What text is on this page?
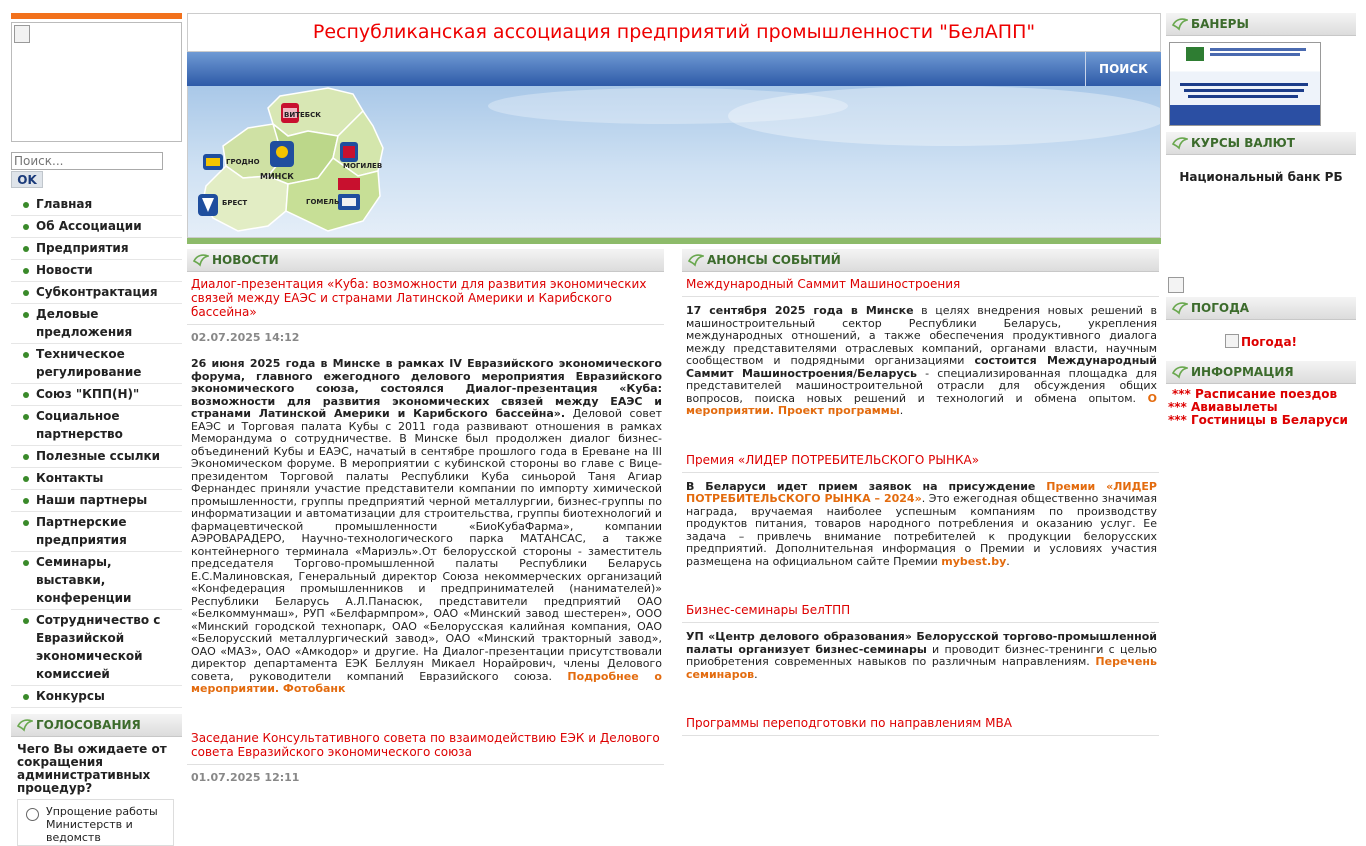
Поиск...
OK
Главная
Об Ассоциации
Предприятия
Новости
Субконтрактация
Деловые предложения
Техническое регулирование
Союз "КПП(Н)"
Социальное партнерство
Полезные ссылки
Контакты
Наши партнеры
Партнерские предприятия
Семинары, выставки, конференции
Сотрудничество с Евразийской экономической комиссией
Конкурсы
ГОЛОСОВАНИЯ
Чего Вы ожидаете от сокращения административных процедур?
Упрощение работы Министерств и ведомств
Республиканская ассоциация предприятий промышленности "БелАПП"
ПОИСК
ВИТЕБСК
ГРОДНО
МИНСК
МОГИЛЕВ
БРЕСТ	ГОМЕЛЬ
НОВОСТИ
Диалог-презентация «Куба: возможности для развития экономических связей между ЕАЭС и странами Латинской Америки и Карибского бассейна»
02.07.2025 14:12
26 июня 2025 года в Минске в рамках IV Евразийского экономического форума, главного ежегодного делового мероприятия Евразийского экономического союза, состоялся Диалог-презентация «Куба: возможности для развития экономических связей между ЕАЭС и странами Латинской Америки и Карибского бассейна». Деловой совет ЕАЭС и Торговая палата Кубы с 2011 года развивают отношения в рамках Меморандума о сотрудничестве. В Минске был продолжен диалог бизнес-объединений Кубы и ЕАЭС, начатый в сентябре прошлого года в Ереване на III Экономическом форуме. В мероприятии с кубинской стороны во главе с Вице-президентом Торговой палаты Республики Куба синьорой Таня Агиар Фернандес приняли участие представители компании по импорту химической промышленности, группы предприятий черной металлургии, бизнес-группы по информатизации и автоматизации для строительства, группы биотехнологий и фармацевтической промышленности «БиоКубаФарма», компании АЭРОВАРАДЕРО, Научно-технологического парка МАТАНСАС, а также контейнерного терминала «Мариэль».От белорусской стороны - заместитель председателя Торгово-промышленной палаты Республики Беларусь Е.С.Малиновская, Генеральный директор Союза некоммерческих организаций «Конфедерация промышленников и предпринимателей (нанимателей)» Республики Беларусь А.Л.Панасюк, представители предприятий ОАО «Белкоммунмаш», РУП «Белфармпром», ОАО «Минский завод шестерен», ООО «Минский городской технопарк, ОАО «Белорусская калийная компания, ОАО «Белорусский металлургический завод», ОАО «Минский тракторный завод», ОАО «МАЗ», ОАО «Амкодор» и другие. На Диалог-презентации присутствовали директор департамента ЕЭК Беллуян Микаел Норайрович, члены Делового совета, руководители компаний Евразийского союза. Подробнее о мероприятии. Фотобанк
Заседание Консультативного совета по взаимодействию ЕЭК и Делового совета Евразийского экономического союза
01.07.2025 12:11
АНОНСЫ СОБЫТИЙ
Международный Саммит Машиностроения
17 сентября 2025 года в Минске в целях внедрения новых решений в машиностроительный сектор Республики Беларусь, укрепления международных отношений, а также обеспечения продуктивного диалога между представителями отраслевых компаний, органами власти, научным сообществом и подрядными организациями состоится Международный Саммит Машиностроения/Беларусь - специализированная площадка для представителей машиностроительной отрасли для обсуждения общих вопросов, поиска новых решений и технологий и обмена опытом. О мероприятии. Проект программы.
Премия «ЛИДЕР ПОТРЕБИТЕЛЬСКОГО РЫНКА»
В Беларуси идет прием заявок на присуждение Премии «ЛИДЕР ПОТРЕБИТЕЛЬСКОГО РЫНКА – 2024». Это ежегодная общественно значимая награда, вручаемая наиболее успешным компаниям по производству продуктов питания, товаров народного потребления и оказанию услуг. Ее задача – привлечь внимание потребителей к продукции белорусских предприятий. Дополнительная информация о Премии и условиях участия размещена на официальном сайте Премии mybest.by.
Бизнес-семинары БелТПП
УП «Центр делового образования» Белорусской торгово-промышленной палаты организует бизнес-семинары и проводит бизнес-тренинги с целью приобретения современных навыков по различным направлениям. Перечень семинаров.
Программы переподготовки по направлениям МВА
БАНЕРЫ
КУРСЫ ВАЛЮТ
Национальный банк РБ
ПОГОДА
Погода!
ИНФОРМАЦИЯ
*** Расписание поездов
*** Авиавылеты
*** Гостиницы в Беларуси
